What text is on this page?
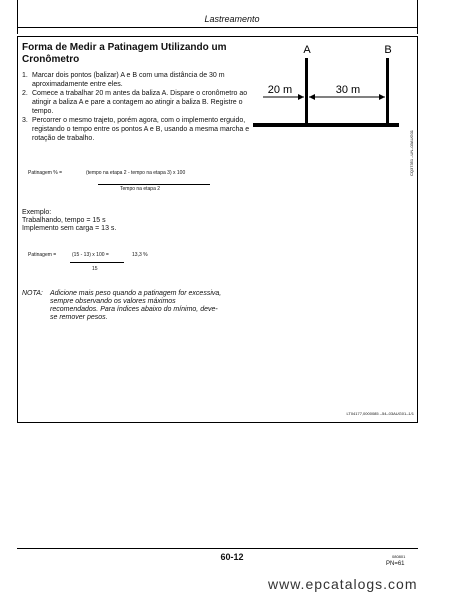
Lastreamento
Forma de Medir a Patinagem Utilizando um Cronômetro
1. Marcar dois pontos (balizar) A e B com uma distância de 30 m aproximadamente entre eles.
2. Comece a trabalhar 20 m antes da baliza A. Dispare o cronômetro ao atingir a baliza A e pare a contagem ao atingir a baliza B. Registre o tempo.
3. Percorrer o mesmo trajeto, porém agora, com o implemento erguido, registando o tempo entre os pontos A e B, usando a mesma marcha e rotação de trabalho.
Patinagem % =	(tempo na etapa 2 - tempo na etapa 3) x 100
Tempo na etapa 2
Exemplo:
Trabalhando, tempo = 15 s
Implemento sem carga = 13 s.
Patinagem =	(15 - 13) x 100 =	13,3 %
15
NOTA:	Adicione mais peso quando a patinagem for excessiva, sempre observando os valores máximos recomendados. Para índices abaixo do mínimo, deve-se remover pesos.
A	B
20 m	30 m
CQ37351 –UN–03AUG01
LT04177,0000085 –54–03AUG01–1/1
60-12	080801
PN=61
www.epcatalogs.com
